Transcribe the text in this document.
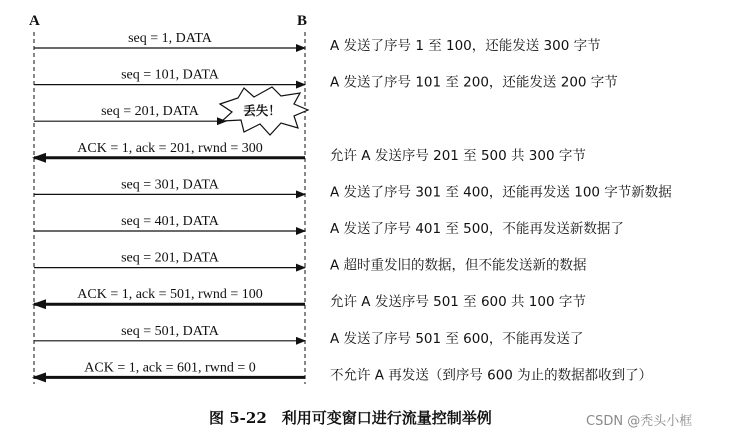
A	B
seq = 1, DATA	A 发送了序号 1 至 100，还能发送 300 字节
seq = 101, DATA	A 发送了序号 101 至 200，还能发送 200 字节
seq = 201, DATA
ACK = 1, ack = 201, rwnd = 300	允许 A 发送序号 201 至 500 共 300 字节
seq = 301, DATA	A 发送了序号 301 至 400，还能再发送 100 字节新数据
seq = 401, DATA	A 发送了序号 401 至 500，不能再发送新数据了
seq = 201, DATA	A 超时重发旧的数据，但不能发送新的数据
ACK = 1, ack = 501, rwnd = 100	允许 A 发送序号 501 至 600 共 100 字节
seq = 501, DATA	A 发送了序号 501 至 600，不能再发送了
ACK = 1, ack = 601, rwnd = 0	不允许 A 再发送（到序号 600 为止的数据都收到了）
丢失！
图 5-22　利用可变窗口进行流量控制举例	CSDN @秃头小框
